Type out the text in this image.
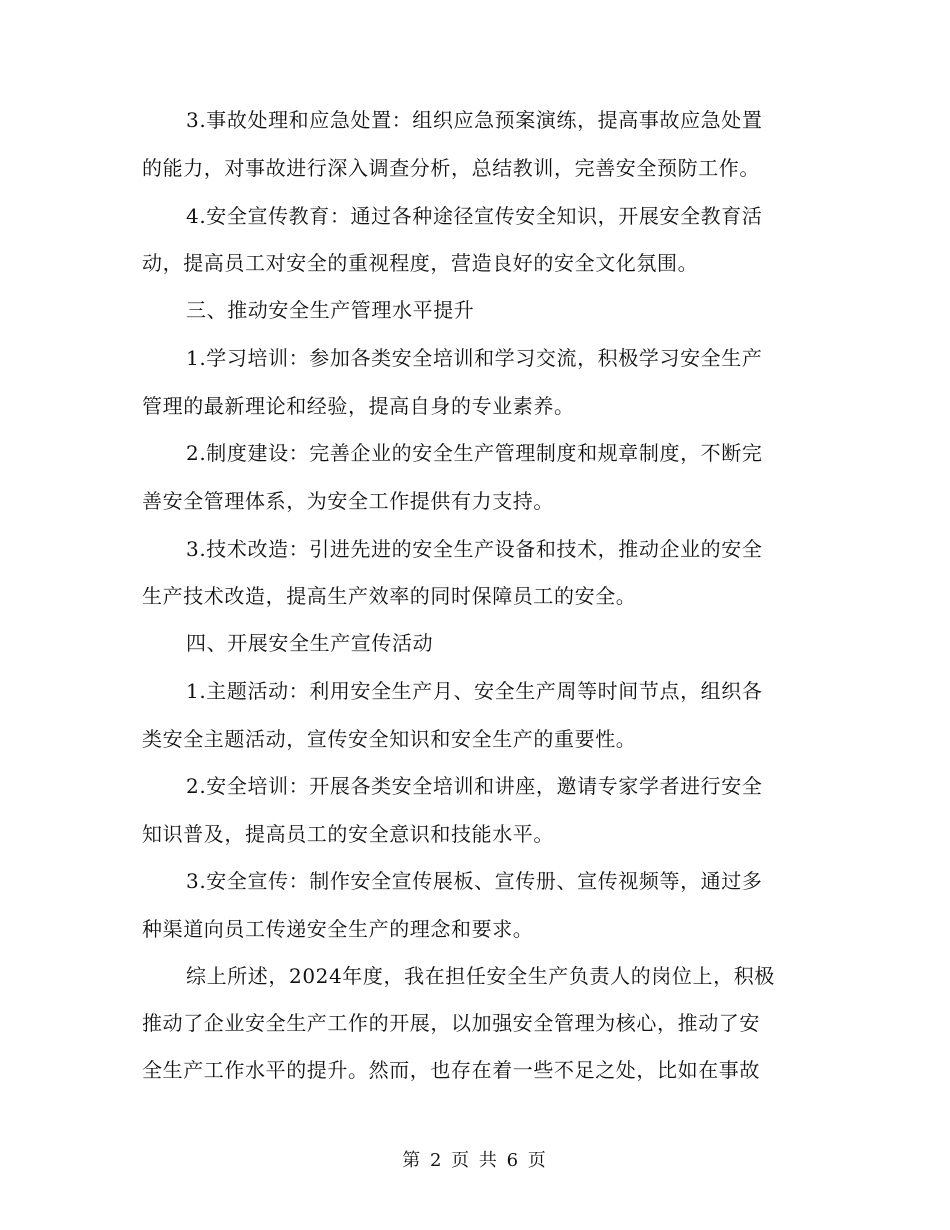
3.事故处理和应急处置：组织应急预案演练，提高事故应急处置
的能力，对事故进行深入调查分析，总结教训，完善安全预防工作。
4.安全宣传教育：通过各种途径宣传安全知识，开展安全教育活
动，提高员工对安全的重视程度，营造良好的安全文化氛围。
三、推动安全生产管理水平提升
1.学习培训：参加各类安全培训和学习交流，积极学习安全生产
管理的最新理论和经验，提高自身的专业素养。
2.制度建设：完善企业的安全生产管理制度和规章制度，不断完
善安全管理体系，为安全工作提供有力支持。
3.技术改造：引进先进的安全生产设备和技术，推动企业的安全
生产技术改造，提高生产效率的同时保障员工的安全。
四、开展安全生产宣传活动
1.主题活动：利用安全生产月、安全生产周等时间节点，组织各
类安全主题活动，宣传安全知识和安全生产的重要性。
2.安全培训：开展各类安全培训和讲座，邀请专家学者进行安全
知识普及，提高员工的安全意识和技能水平。
3.安全宣传：制作安全宣传展板、宣传册、宣传视频等，通过多
种渠道向员工传递安全生产的理念和要求。
综上所述，2024年度，我在担任安全生产负责人的岗位上，积极
推动了企业安全生产工作的开展，以加强安全管理为核心，推动了安
全生产工作水平的提升。然而，也存在着一些不足之处，比如在事故
第 2 页 共 6 页
